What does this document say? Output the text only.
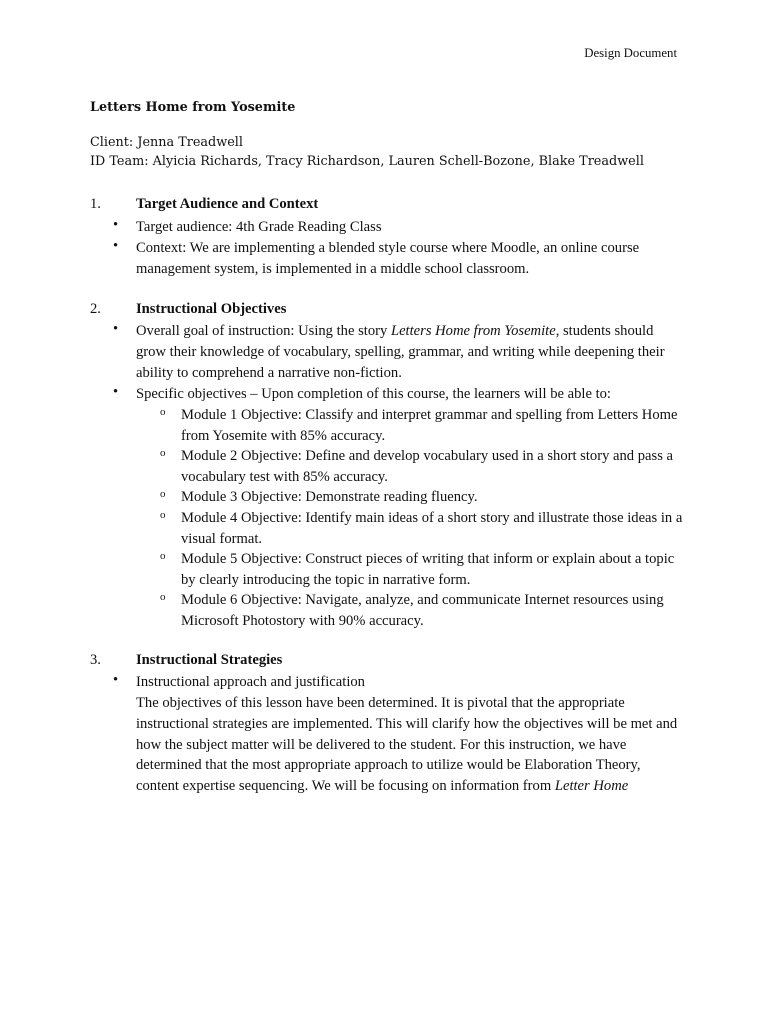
Design Document
Letters Home from Yosemite
Client: Jenna Treadwell
ID Team: Alyicia Richards, Tracy Richardson, Lauren Schell-Bozone, Blake Treadwell
1. Target Audience and Context
• Target audience: 4th Grade Reading Class
• Context: We are implementing a blended style course where Moodle, an online course management system, is implemented in a middle school classroom.
2. Instructional Objectives
• Overall goal of instruction: Using the story Letters Home from Yosemite, students should grow their knowledge of vocabulary, spelling, grammar, and writing while deepening their ability to comprehend a narrative non-fiction.
• Specific objectives – Upon completion of this course, the learners will be able to:
o Module 1 Objective: Classify and interpret grammar and spelling from Letters Home from Yosemite with 85% accuracy.
o Module 2 Objective: Define and develop vocabulary used in a short story and pass a vocabulary test with 85% accuracy.
o Module 3 Objective: Demonstrate reading fluency.
o Module 4 Objective: Identify main ideas of a short story and illustrate those ideas in a visual format.
o Module 5 Objective: Construct pieces of writing that inform or explain about a topic by clearly introducing the topic in narrative form.
o Module 6 Objective: Navigate, analyze, and communicate Internet resources using Microsoft Photostory with 90% accuracy.
3. Instructional Strategies
• Instructional approach and justification
The objectives of this lesson have been determined. It is pivotal that the appropriate instructional strategies are implemented. This will clarify how the objectives will be met and how the subject matter will be delivered to the student. For this instruction, we have determined that the most appropriate approach to utilize would be Elaboration Theory, content expertise sequencing. We will be focusing on information from Letter Home
